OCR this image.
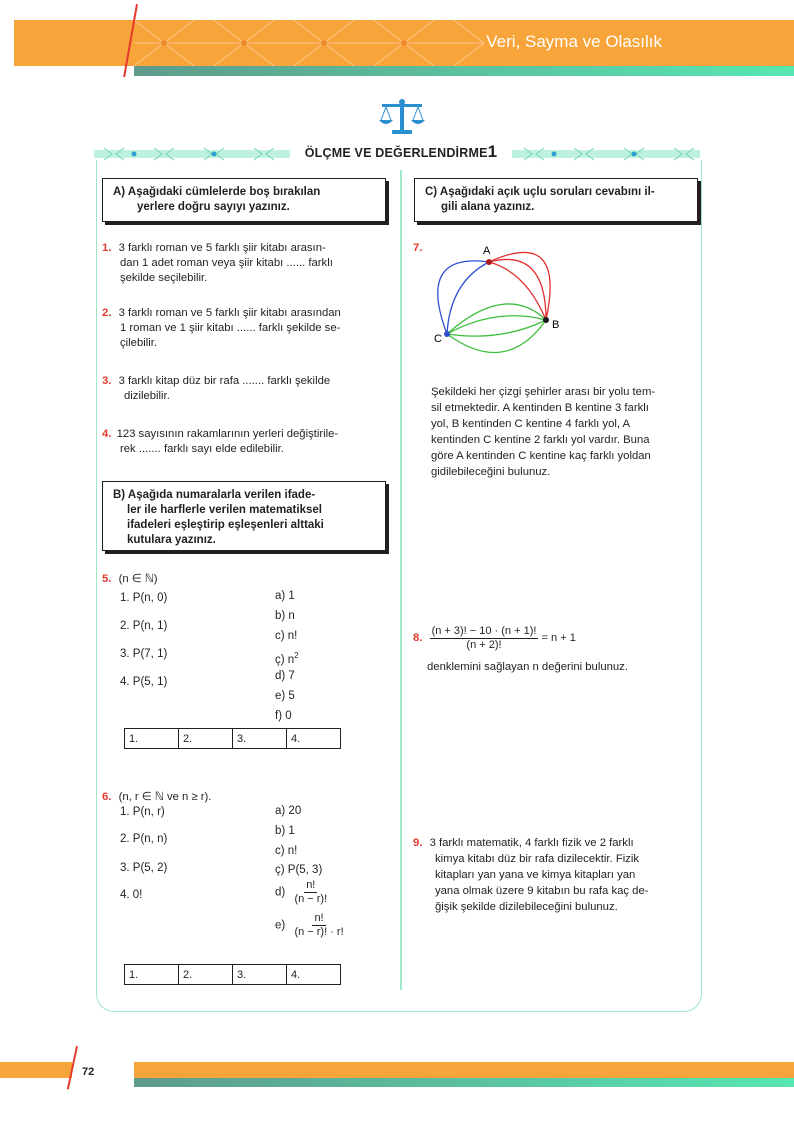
Veri, Sayma ve Olasılık
ÖLÇME VE DEĞERLENDİRME1
A) Aşağıdaki cümlelerde boş bırakılan
yerlere doğru sayıyı yazınız.
1. 3 farklı roman ve 5 farklı şiir kitabı arasın-
dan 1 adet roman veya şiir kitabı ...... farklı
şekilde seçilebilir.
2. 3 farklı roman ve 5 farklı şiir kitabı arasından
1 roman ve 1 şiir kitabı ...... farklı şekilde se-
çilebilir.
3. 3 farklı kitap düz bir rafa ....... farklı şekilde
dizilebilir.
4. 123 sayısının rakamlarının yerleri değiştirile-
rek ....... farklı sayı elde edilebilir.
B) Aşağıda numaralarla verilen ifade-
ler ile harflerle verilen matematiksel
ifadeleri eşleştirip eşleşenleri alttaki
kutulara yazınız.
5. (n ∈ ℕ)
1. P(n, 0)
2. P(n, 1)
3. P(7, 1)
4. P(5, 1)
a) 1
b) n
c) n!
ç) $n^2$
d) 7
e) 5
f) 0
1.	2.	3.	4.
6. (n, r ∈ ℕ ve n ≥ r).
1. P(n, r)
2. P(n, n)
3. P(5, 2)
4. 0!
a) 20
b) 1
c) n!
ç) P(5, 3)
$d) \frac{n!}{(n - r)!}$
$e) \frac{n!}{(n - r)! \cdot r!}$
1.	2.	3.	4.
C) Aşağıdaki açık uçlu soruları cevabını il-
gili alana yazınız.
7.	A
B
C
Şekildeki her çizgi şehirler arası bir yolu tem-
sil etmektedir. A kentinden B kentine 3 farklı
yol, B kentinden C kentine 4 farklı yol, A
kentinden C kentine 2 farklı yol vardır. Buna
göre A kentinden C kentine kaç farklı yoldan
gidilebileceğini bulunuz.
8. $\frac{(n + 3)! - 10 \cdot (n + 1)!}{(n + 2)!} = n + 1$
denklemini sağlayan n değerini bulunuz.
9. 3 farklı matematik, 4 farklı fizik ve 2 farklı
kimya kitabı düz bir rafa dizilecektir. Fizik
kitapları yan yana ve kimya kitapları yan
yana olmak üzere 9 kitabın bu rafa kaç de-
ğişik şekilde dizilebileceğini bulunuz.
72
